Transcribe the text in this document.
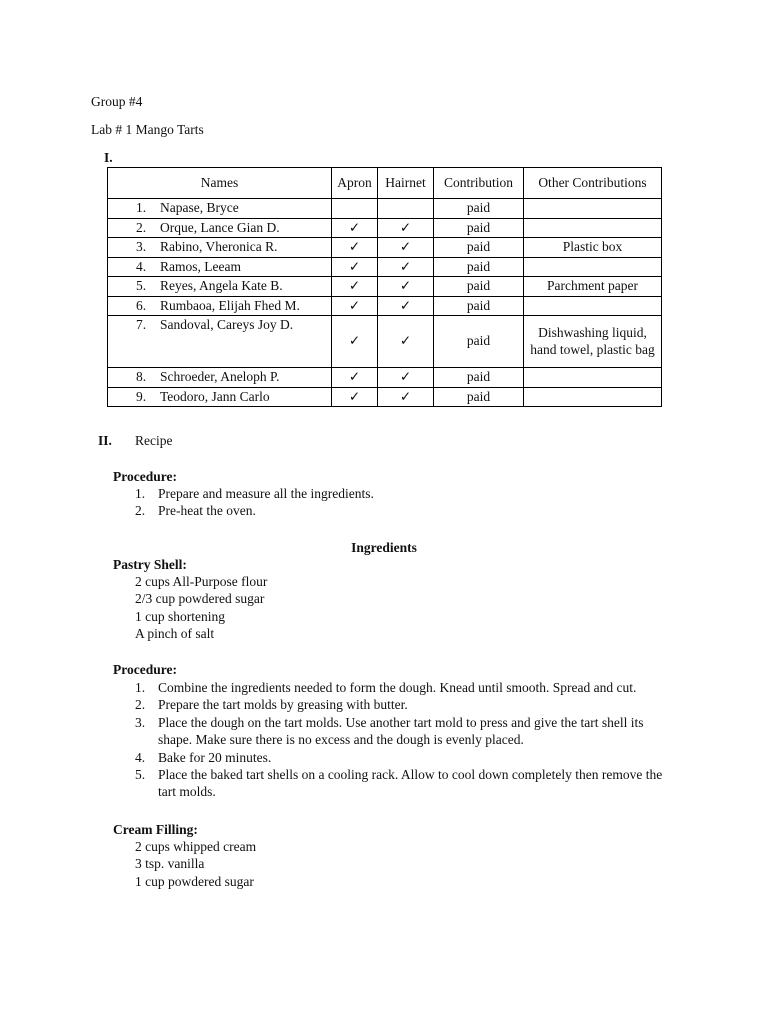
Group #4
Lab # 1 Mango Tarts
I.
Names	Apron	Hairnet	Contribution	Other Contributions
1. Napase, Bryce			paid	
2. Orque, Lance Gian D.	✓	✓	paid	
3. Rabino, Vheronica R.	✓	✓	paid	Plastic box
4. Ramos, Leeam	✓	✓	paid	
5. Reyes, Angela Kate B.	✓	✓	paid	Parchment paper
6. Rumbaoa, Elijah Fhed M.	✓	✓	paid	
7. Sandoval, Careys Joy D.	✓	✓	paid	Dishwashing liquid, hand towel, plastic bag
8. Schroeder, Aneloph P.	✓	✓	paid	
9. Teodoro, Jann Carlo	✓	✓	paid	
II. Recipe
Procedure:
1. Prepare and measure all the ingredients.
2. Pre-heat the oven.
Ingredients
Pastry Shell:
2 cups All-Purpose flour
2/3 cup powdered sugar
1 cup shortening
A pinch of salt
Procedure:
1. Combine the ingredients needed to form the dough. Knead until smooth. Spread and cut.
2. Prepare the tart molds by greasing with butter.
3. Place the dough on the tart molds. Use another tart mold to press and give the tart shell its
shape. Make sure there is no excess and the dough is evenly placed.
4. Bake for 20 minutes.
5. Place the baked tart shells on a cooling rack. Allow to cool down completely then remove the
tart molds.
Cream Filling:
2 cups whipped cream
3 tsp. vanilla
1 cup powdered sugar
